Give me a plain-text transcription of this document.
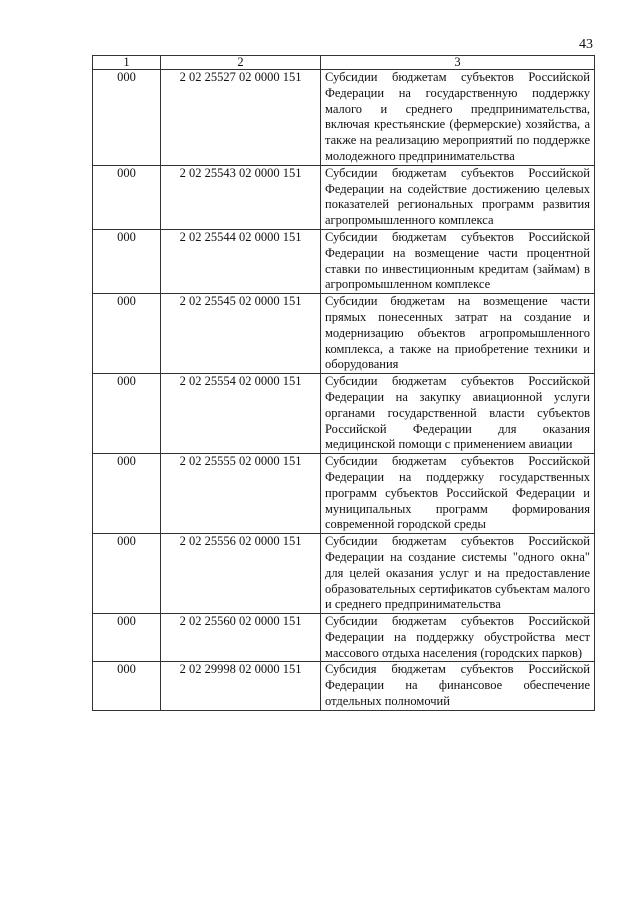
43
1	2	3
000	2 02 25527 02 0000 151	Субсидии бюджетам субъектов Российской Федерации на государственную поддержку малого и среднего предпринимательства, включая крестьянские (фермерские) хозяйства, а также на реализацию мероприятий по поддержке молодежного предпринимательства
000	2 02 25543 02 0000 151	Субсидии бюджетам субъектов Российской Федерации на содействие достижению целевых показателей региональных программ развития агропромышленного комплекса
000	2 02 25544 02 0000 151	Субсидии бюджетам субъектов Российской Федерации на возмещение части процентной ставки по инвестиционным кредитам (займам) в агропромышленном комплексе
000	2 02 25545 02 0000 151	Субсидии бюджетам на возмещение части прямых понесенных затрат на создание и модернизацию объектов агропромышленного комплекса, а также на приобретение техники и оборудования
000	2 02 25554 02 0000 151	Субсидии бюджетам субъектов Российской Федерации на закупку авиационной услуги органами государственной власти субъектов Российской Федерации для оказания медицинской помощи с применением авиации
000	2 02 25555 02 0000 151	Субсидии бюджетам субъектов Российской Федерации на поддержку государственных программ субъектов Российской Федерации и муниципальных программ формирования современной городской среды
000	2 02 25556 02 0000 151	Субсидии бюджетам субъектов Российской Федерации на создание системы "одного окна" для целей оказания услуг и на предоставление образовательных сертификатов субъектам малого и среднего предпринимательства
000	2 02 25560 02 0000 151	Субсидии бюджетам субъектов Российской Федерации на поддержку обустройства мест массового отдыха населения (городских парков)
000	2 02 29998 02 0000 151	Субсидия бюджетам субъектов Российской Федерации на финансовое обеспечение отдельных полномочий
